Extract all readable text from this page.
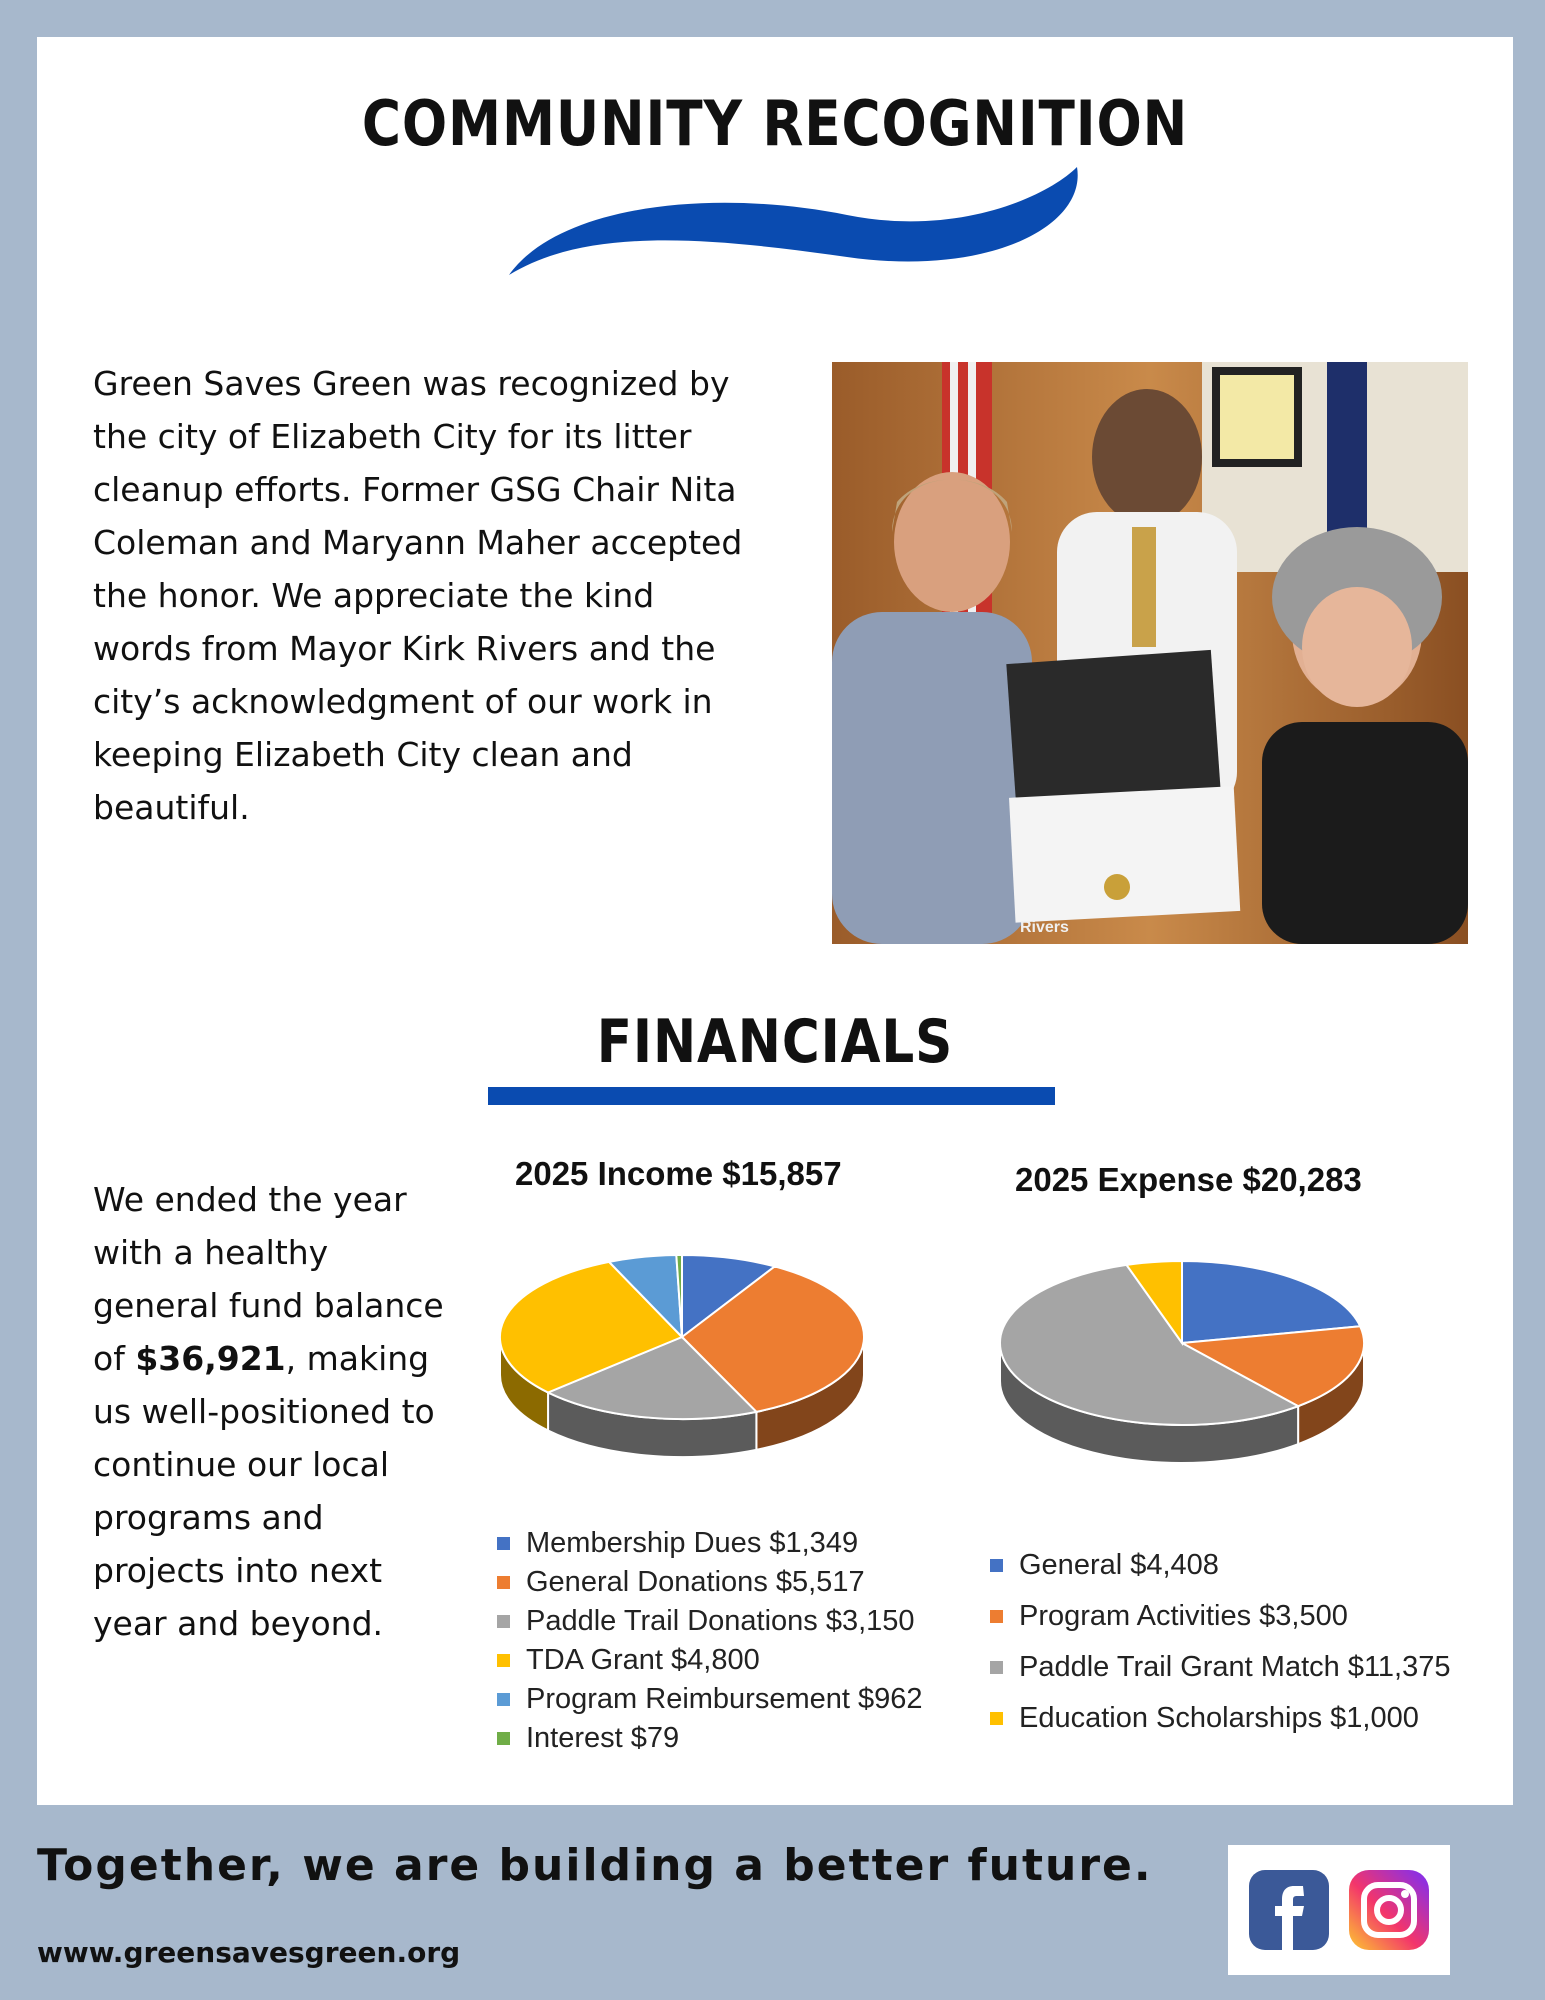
COMMUNITY RECOGNITION
Green Saves Green was recognized by the city of Elizabeth City for its litter cleanup efforts. Former GSG Chair Nita Coleman and Maryann Maher accepted the honor. We appreciate the kind words from Mayor Kirk Rivers and the city’s acknowledgment of our work in keeping Elizabeth City clean and beautiful.
Rivers
FINANCIALS
We ended the year with a healthy general fund balance of $36,921, making us well-positioned to continue our local programs and projects into next year and beyond.
2025 Income $15,857
Membership Dues $1,349
General Donations $5,517
Paddle Trail Donations $3,150
TDA Grant $4,800
Program Reimbursement $962
Interest $79
2025 Expense $20,283
General $4,408
Program Activities $3,500
Paddle Trail Grant Match $11,375
Education Scholarships $1,000
Together, we are building a better future.
www.greensavesgreen.org
